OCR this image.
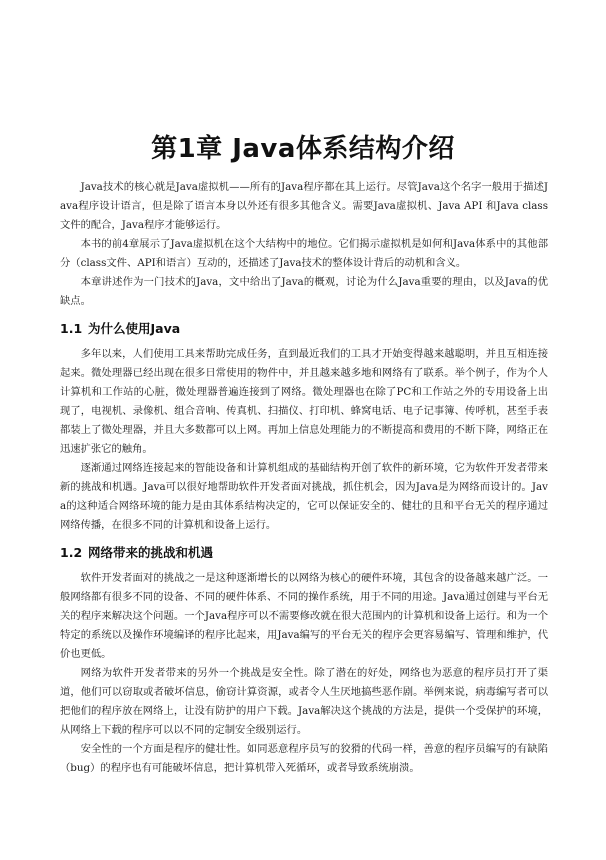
第1章 Java体系结构介绍

Java技术的核心就是Java虚拟机——所有的Java程序都在其上运行。尽管Java这个名字一般用于描述Java程序设计语言，但是除了语言本身以外还有很多其他含义。需要Java虚拟机、Java API 和Java class文件的配合，Java程序才能够运行。

本书的前4章展示了Java虚拟机在这个大结构中的地位。它们揭示虚拟机是如何和Java体系中的其他部分（class文件、API和语言）互动的，还描述了Java技术的整体设计背后的动机和含义。

本章讲述作为一门技术的Java，文中给出了Java的概观，讨论为什么Java重要的理由，以及Java的优缺点。

1.1 为什么使用Java

多年以来，人们使用工具来帮助完成任务，直到最近我们的工具才开始变得越来越聪明，并且互相连接起来。微处理器已经出现在很多日常使用的物件中，并且越来越多地和网络有了联系。举个例子，作为个人计算机和工作站的心脏，微处理器普遍连接到了网络。微处理器也在除了PC和工作站之外的专用设备上出现了，电视机、录像机、组合音响、传真机、扫描仪、打印机、蜂窝电话、电子记事簿、传呼机，甚至手表都装上了微处理器，并且大多数都可以上网。再加上信息处理能力的不断提高和费用的不断下降，网络正在迅速扩张它的触角。

逐渐通过网络连接起来的智能设备和计算机组成的基础结构开创了软件的新环境，它为软件开发者带来新的挑战和机遇。Java可以很好地帮助软件开发者面对挑战，抓住机会，因为Java是为网络而设计的。Java的这种适合网络环境的能力是由其体系结构决定的，它可以保证安全的、健壮的且和平台无关的程序通过网络传播，在很多不同的计算机和设备上运行。

1.2 网络带来的挑战和机遇

软件开发者面对的挑战之一是这种逐渐增长的以网络为核心的硬件环境，其包含的设备越来越广泛。一般网络都有很多不同的设备、不同的硬件体系、不同的操作系统，用于不同的用途。Java通过创建与平台无关的程序来解决这个问题。一个Java程序可以不需要修改就在很大范围内的计算机和设备上运行。和为一个特定的系统以及操作环境编译的程序比起来，用Java编写的平台无关的程序会更容易编写、管理和维护，代价也更低。

网络为软件开发者带来的另外一个挑战是安全性。除了潜在的好处，网络也为恶意的程序员打开了渠道，他们可以窃取或者破坏信息，偷窃计算资源，或者令人生厌地搞些恶作剧。举例来说，病毒编写者可以把他们的程序放在网络上，让没有防护的用户下载。Java解决这个挑战的方法是，提供一个受保护的环境，从网络上下载的程序可以以不同的定制安全级别运行。

安全性的一个方面是程序的健壮性。如同恶意程序员写的狡猾的代码一样，善意的程序员编写的有缺陷（bug）的程序也有可能破坏信息，把计算机带入死循环，或者导致系统崩溃。
